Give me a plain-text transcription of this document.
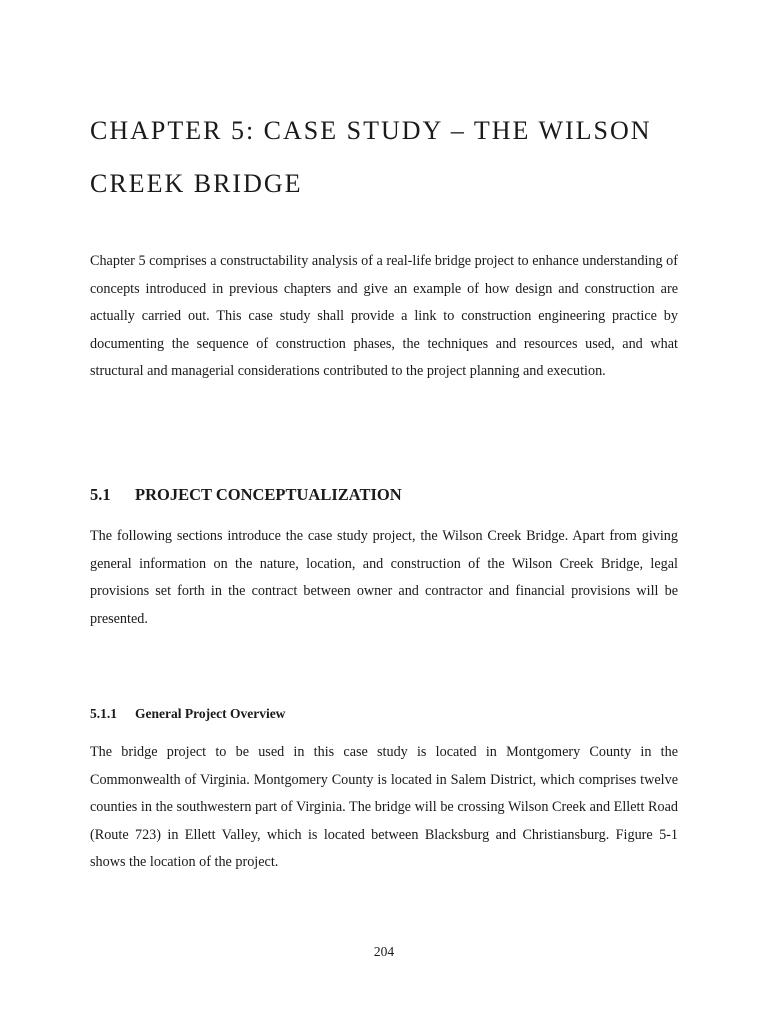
CHAPTER 5: CASE STUDY – THE WILSON CREEK BRIDGE

Chapter 5 comprises a constructability analysis of a real-life bridge project to enhance understanding of concepts introduced in previous chapters and give an example of how design and construction are actually carried out. This case study shall provide a link to construction engineering practice by documenting the sequence of construction phases, the techniques and resources used, and what structural and managerial considerations contributed to the project planning and execution.

5.1 PROJECT CONCEPTUALIZATION

The following sections introduce the case study project, the Wilson Creek Bridge. Apart from giving general information on the nature, location, and construction of the Wilson Creek Bridge, legal provisions set forth in the contract between owner and contractor and financial provisions will be presented.

5.1.1 General Project Overview

The bridge project to be used in this case study is located in Montgomery County in the Commonwealth of Virginia. Montgomery County is located in Salem District, which comprises twelve counties in the southwestern part of Virginia. The bridge will be crossing Wilson Creek and Ellett Road (Route 723) in Ellett Valley, which is located between Blacksburg and Christiansburg. Figure 5-1 shows the location of the project.

204
